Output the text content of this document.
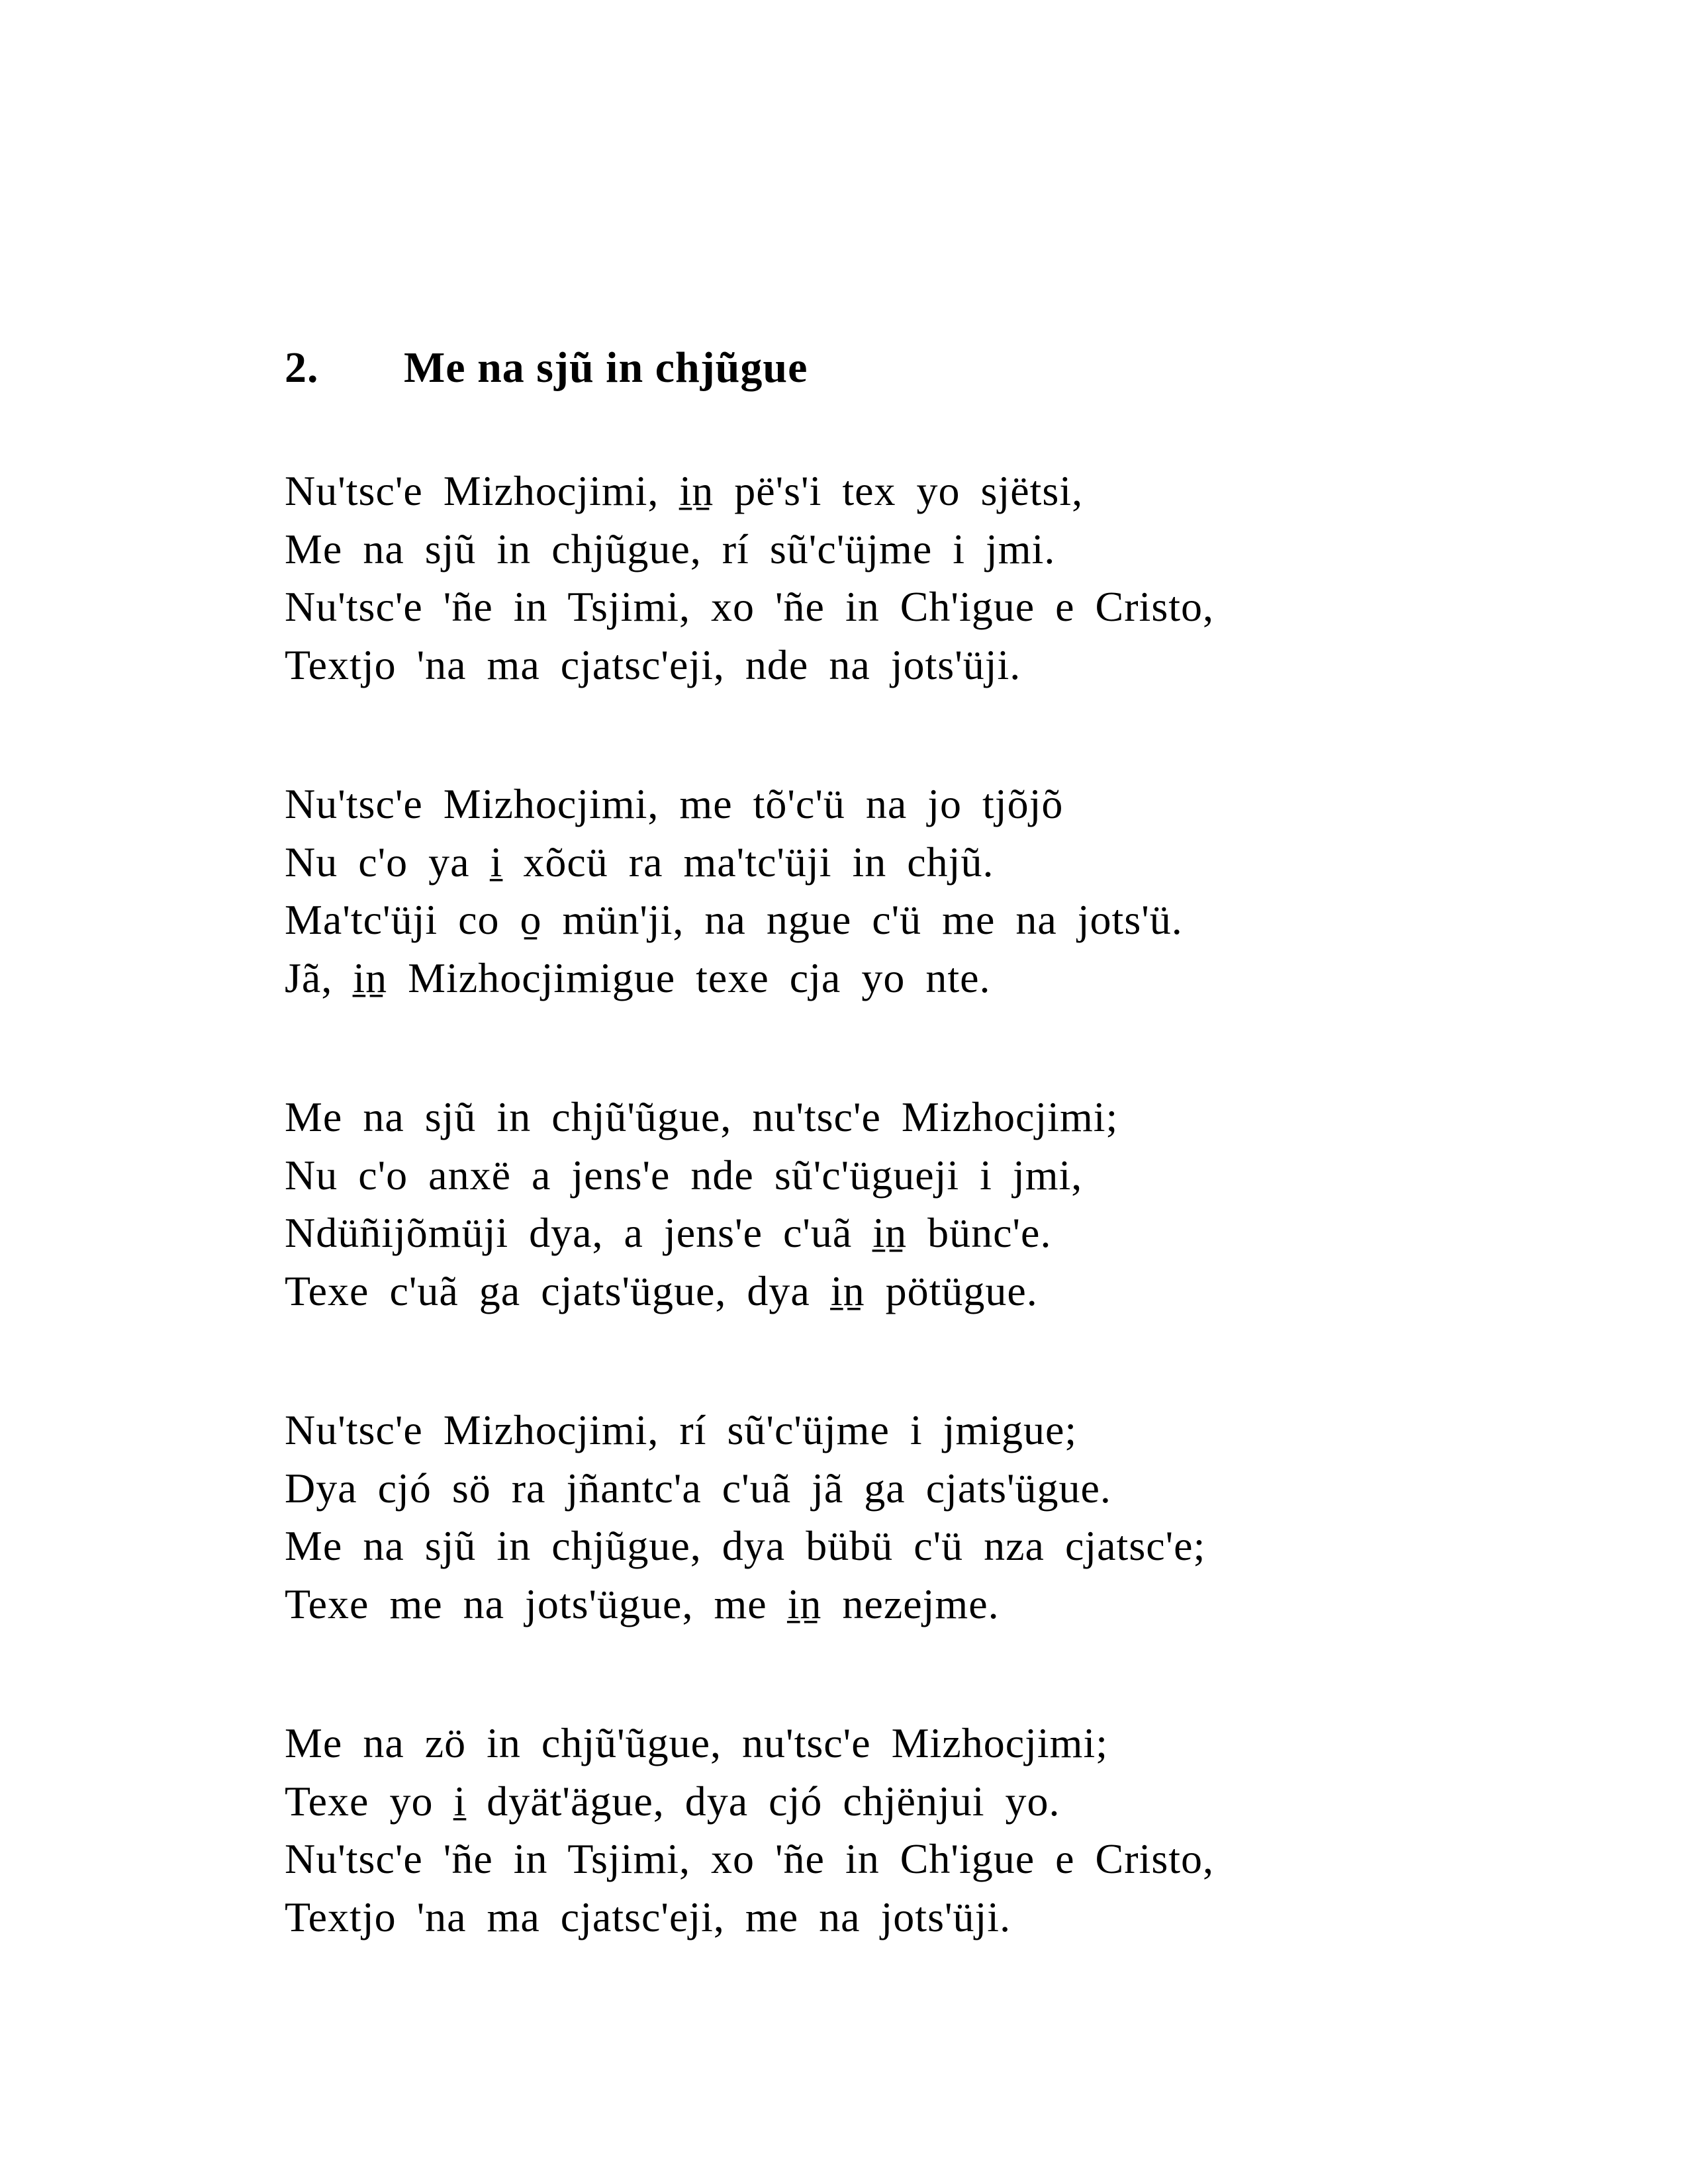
2. Me na sjũ in chjũgue
Nu'tsc'e Mizhocjimi, i̱ṉ pë's'i tex yo sjëtsi,
Me na sjũ in chjũgue, rí sũ'c'üjme i jmi.
Nu'tsc'e 'ñe in Tsjimi, xo 'ñe in Ch'igue e Cristo,
Textjo 'na ma cjatsc'eji, nde na jots'üji.
Nu'tsc'e Mizhocjimi, me tõ'c'ü na jo tjõjõ
Nu c'o ya i̱ xõcü ra ma'tc'üji in chjũ.
Ma'tc'üji co o̱ mün'ji, na ngue c'ü me na jots'ü.
Jã, i̱ṉ Mizhocjimigue texe cja yo nte.
Me na sjũ in chjũ'ũgue, nu'tsc'e Mizhocjimi;
Nu c'o anxë a jens'e nde sũ'c'ügueji i jmi,
Ndüñijõmüji dya, a jens'e c'uã i̱ṉ bünc'e.
Texe c'uã ga cjats'ügue, dya i̱ṉ pötügue.
Nu'tsc'e Mizhocjimi, rí sũ'c'üjme i jmigue;
Dya cjó sö ra jñantc'a c'uã jã ga cjats'ügue.
Me na sjũ in chjũgue, dya bübü c'ü nza cjatsc'e;
Texe me na jots'ügue, me i̱ṉ nezejme.
Me na zö in chjũ'ũgue, nu'tsc'e Mizhocjimi;
Texe yo i̱ dyät'ägue, dya cjó chjënjui yo.
Nu'tsc'e 'ñe in Tsjimi, xo 'ñe in Ch'igue e Cristo,
Textjo 'na ma cjatsc'eji, me na jots'üji.
